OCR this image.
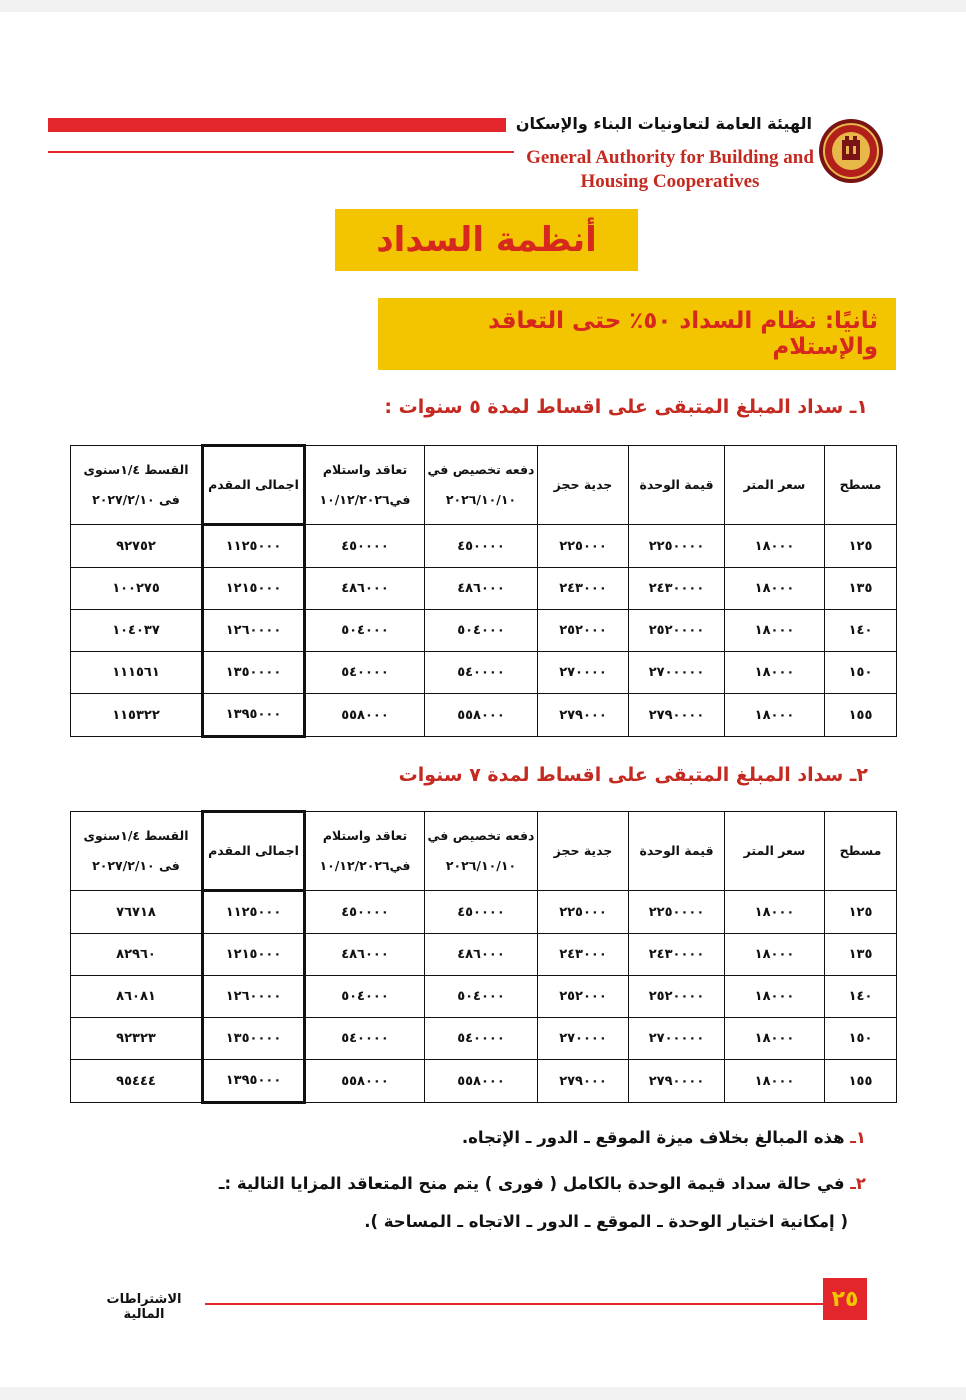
الهيئة العامة لتعاونيات البناء والإسكان
General Authority for Building and
Housing Cooperatives
أنظمة السداد
ثانيًا: نظام السداد ٥٠٪ حتى التعاقد والإستلام
١ـ سداد المبلغ المتبقى على اقساط لمدة ٥ سنوات :
مسطح	سعر المتر	قيمة الوحدة	جدية حجز	دفعه تخصيص في ٢٠٢٦/١٠/١٠	تعاقد واستلام في١٠/١٢/٢٠٢٦	اجمالى المقدم	القسط ١/٤سنوى فى ٢٠٢٧/٢/١٠
١٢٥	١٨٠٠٠	٢٢٥٠٠٠٠	٢٢٥٠٠٠	٤٥٠٠٠٠	٤٥٠٠٠٠	١١٢٥٠٠٠	٩٢٧٥٢
١٣٥	١٨٠٠٠	٢٤٣٠٠٠٠	٢٤٣٠٠٠	٤٨٦٠٠٠	٤٨٦٠٠٠	١٢١٥٠٠٠	١٠٠٢٧٥
١٤٠	١٨٠٠٠	٢٥٢٠٠٠٠	٢٥٢٠٠٠	٥٠٤٠٠٠	٥٠٤٠٠٠	١٢٦٠٠٠٠	١٠٤٠٣٧
١٥٠	١٨٠٠٠	٢٧٠٠٠٠٠	٢٧٠٠٠٠	٥٤٠٠٠٠	٥٤٠٠٠٠	١٣٥٠٠٠٠	١١١٥٦١
١٥٥	١٨٠٠٠	٢٧٩٠٠٠٠	٢٧٩٠٠٠	٥٥٨٠٠٠	٥٥٨٠٠٠	١٣٩٥٠٠٠	١١٥٣٢٢
٢ـ سداد المبلغ المتبقى على اقساط لمدة ٧ سنوات
مسطح	سعر المتر	قيمة الوحدة	جدية حجز	دفعه تخصيص في ٢٠٢٦/١٠/١٠	تعاقد واستلام في١٠/١٢/٢٠٢٦	اجمالى المقدم	القسط ١/٤سنوى فى ٢٠٢٧/٢/١٠
١٢٥	١٨٠٠٠	٢٢٥٠٠٠٠	٢٢٥٠٠٠	٤٥٠٠٠٠	٤٥٠٠٠٠	١١٢٥٠٠٠	٧٦٧١٨
١٣٥	١٨٠٠٠	٢٤٣٠٠٠٠	٢٤٣٠٠٠	٤٨٦٠٠٠	٤٨٦٠٠٠	١٢١٥٠٠٠	٨٢٩٦٠
١٤٠	١٨٠٠٠	٢٥٢٠٠٠٠	٢٥٢٠٠٠	٥٠٤٠٠٠	٥٠٤٠٠٠	١٢٦٠٠٠٠	٨٦٠٨١
١٥٠	١٨٠٠٠	٢٧٠٠٠٠٠	٢٧٠٠٠٠	٥٤٠٠٠٠	٥٤٠٠٠٠	١٣٥٠٠٠٠	٩٢٣٢٣
١٥٥	١٨٠٠٠	٢٧٩٠٠٠٠	٢٧٩٠٠٠	٥٥٨٠٠٠	٥٥٨٠٠٠	١٣٩٥٠٠٠	٩٥٤٤٤
١ـ هذه المبالغ بخلاف ميزة الموقع ـ الدور ـ الإتجاه.
٢ـ في حالة سداد قيمة الوحدة بالكامل ( فورى ) يتم منح المتعاقد المزايا التالية :ـ
( إمكانية اختيار الوحدة ـ الموقع ـ الدور ـ الاتجاه ـ المساحة ).
الاشتراطات المالية
٢٥
